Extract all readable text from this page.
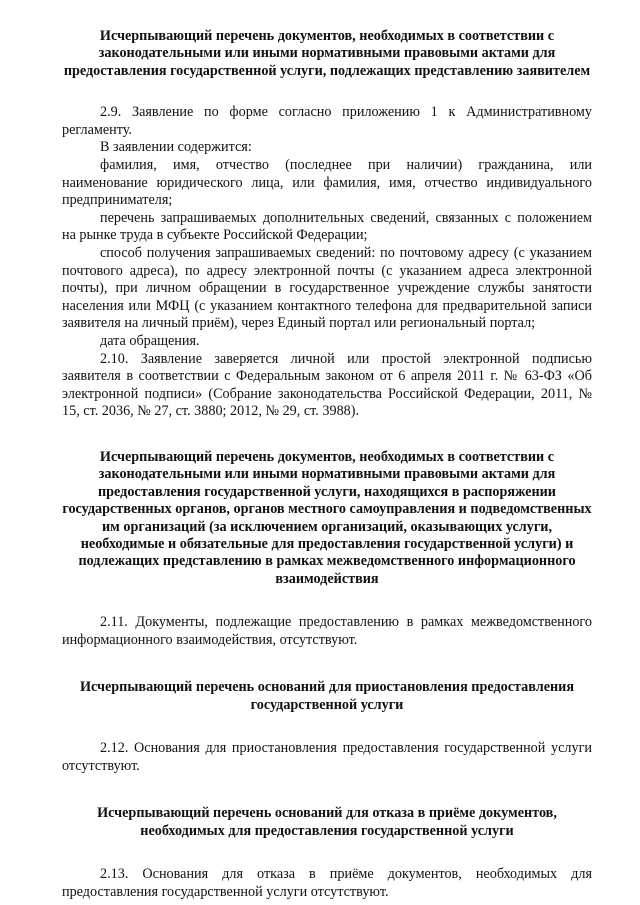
Исчерпывающий перечень документов, необходимых в соответствии с законодательными или иными нормативными правовыми актами для предоставления государственной услуги, подлежащих представлению заявителем

2.9. Заявление по форме согласно приложению 1 к Административному регламенту.

В заявлении содержится:

фамилия, имя, отчество (последнее при наличии) гражданина, или наименование юридического лица, или фамилия, имя, отчество индивидуального предпринимателя;

перечень запрашиваемых дополнительных сведений, связанных с положением на рынке труда в субъекте Российской Федерации;

способ получения запрашиваемых сведений: по почтовому адресу (с указанием почтового адреса), по адресу электронной почты (с указанием адреса электронной почты), при личном обращении в государственное учреждение службы занятости населения или МФЦ (с указанием контактного телефона для предварительной записи заявителя на личный приём), через Единый портал или региональный портал;

дата обращения.

2.10. Заявление заверяется личной или простой электронной подписью заявителя в соответствии с Федеральным законом от 6 апреля 2011 г. № 63-ФЗ «Об электронной подписи» (Собрание законодательства Российской Федерации, 2011, № 15, ст. 2036, № 27, ст. 3880; 2012, № 29, ст. 3988).

Исчерпывающий перечень документов, необходимых в соответствии с законодательными или иными нормативными правовыми актами для предоставления государственной услуги, находящихся в распоряжении государственных органов, органов местного самоуправления и подведомственных им организаций (за исключением организаций, оказывающих услуги, необходимые и обязательные для предоставления государственной услуги) и подлежащих представлению в рамках межведомственного информационного взаимодействия

2.11. Документы, подлежащие предоставлению в рамках межведомственного информационного взаимодействия, отсутствуют.

Исчерпывающий перечень оснований для приостановления предоставления государственной услуги

2.12. Основания для приостановления предоставления государственной услуги отсутствуют.

Исчерпывающий перечень оснований для отказа в приёме документов, необходимых для предоставления государственной услуги

2.13. Основания для отказа в приёме документов, необходимых для предоставления государственной услуги отсутствуют.
